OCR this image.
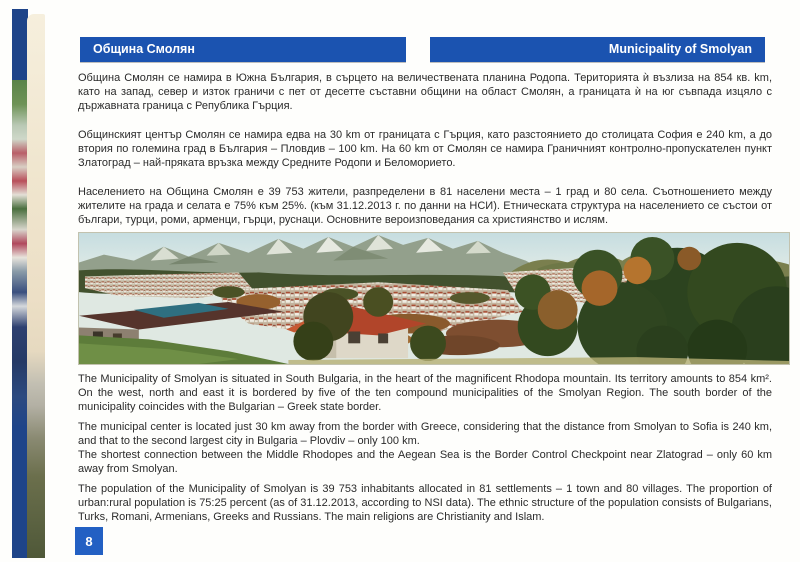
Община Смолян	Municipality of Smolyan

Община Смолян се намира в Южна България, в сърцето на величествената планина Родопа. Територията ѝ възлиза на 854 кв. km, като на запад, север и изток граничи с пет от десетте съставни общини на област Смолян, а границата ѝ на юг съвпада изцяло с държавната граница с Република Гърция.

Общинският център Смолян се намира едва на 30 km от границата с Гърция, като разстоянието до столицата София е 240 km, а до втория по големина град в България – Пловдив – 100 km. На 60 km от Смолян се намира Граничният контролно-пропускателен пункт Златоград – най-пряката връзка между Средните Родопи и Беломорието.

Населението на Община Смолян е 39 753 жители, разпределени в 81 населени места – 1 град и 80 села. Съотношението между жителите на града и селата е 75% към 25%. (към 31.12.2013 г. по данни на НСИ). Етническата структура на населението се състои от българи, турци, роми, арменци, гърци, руснаци. Основните вероизповедания са християнство и ислям.

The Municipality of Smolyan is situated in South Bulgaria, in the heart of the magnificent Rhodopa mountain. Its territory amounts to 854 km². On the west, north and east it is bordered by five of the ten compound municipalities of the Smolyan Region. The south border of the municipality coincides with the Bulgarian – Greek state border.

The municipal center is located just 30 km away from the border with Greece, considering that the distance from Smolyan to Sofia is 240 km, and that to the second largest city in Bulgaria – Plovdiv – only 100 km.

The shortest connection between the Middle Rhodopes and the Aegean Sea is the Border Control Checkpoint near Zlatograd – only 60 km away from Smolyan.

The population of the Municipality of Smolyan is 39 753 inhabitants allocated in 81 settlements – 1 town and 80 villages. The proportion of urban:rural population is 75:25 percent (as of 31.12.2013, according to NSI data). The ethnic structure of the population consists of Bulgarians, Turks, Romani, Armenians, Greeks and Russians. The main religions are Christianity and Islam.

8
